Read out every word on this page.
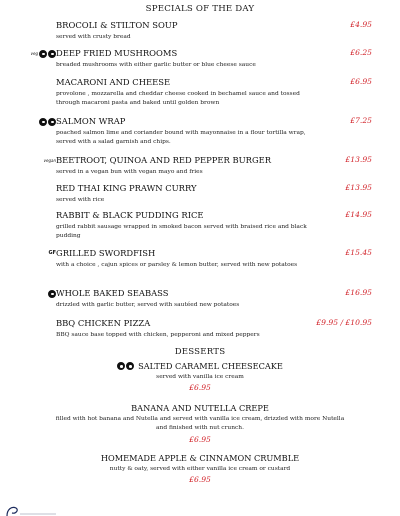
SPECIALS OF THE DAY
BROCOLI & STILTON SOUP	£4.95
served with crusty bread
veg DEEP FRIED MUSHROOMS	£6.25
breaded mushrooms with either garlic butter or blue cheese sauce
MACARONI AND CHEESE	£6.95
provolone , mozzarella and cheddar cheese cooked in bechamel sauce and tossed through macaroni pasta and baked until golden brown
SALMON WRAP	£7.25
poached salmon lime and coriander bound with mayonnaise in a flour tortilla wrap, served with a salad garnish and chips.
vegan BEETROOT, QUINOA AND RED PEPPER BURGER	£13.95
served in a vegan bun with vegan mayo and fries
RED THAI KING PRAWN CURRY	£13.95
served with rice
RABBIT & BLACK PUDDING RICE	£14.95
grilled rabbit sausage wrapped in smoked bacon served with braised rice and black pudding
GF GRILLED SWORDFISH	£15.45
with a choice , cajun spices or parsley & lemon butter, served with new potatoes
WHOLE BAKED SEABASS	£16.95
drizzled with garlic butter, served with sautéed new potatoes
BBQ CHICKEN PIZZA	£9.95 / £10.95
BBQ sauce base topped with chicken, pepperoni and mixed peppers
DESSERTS
SALTED CARAMEL CHEESECAKE
served with vanilla ice cream
£6.95
BANANA AND NUTELLA CREPE
filled with hot banana and Nutella and served with vanilla ice cream, drizzled with more Nutella and finished with nut crunch.
£6.95
HOMEMADE APPLE & CINNAMON CRUMBLE
nutty & oaty, served with either vanilla ice cream or custard
£6.95
